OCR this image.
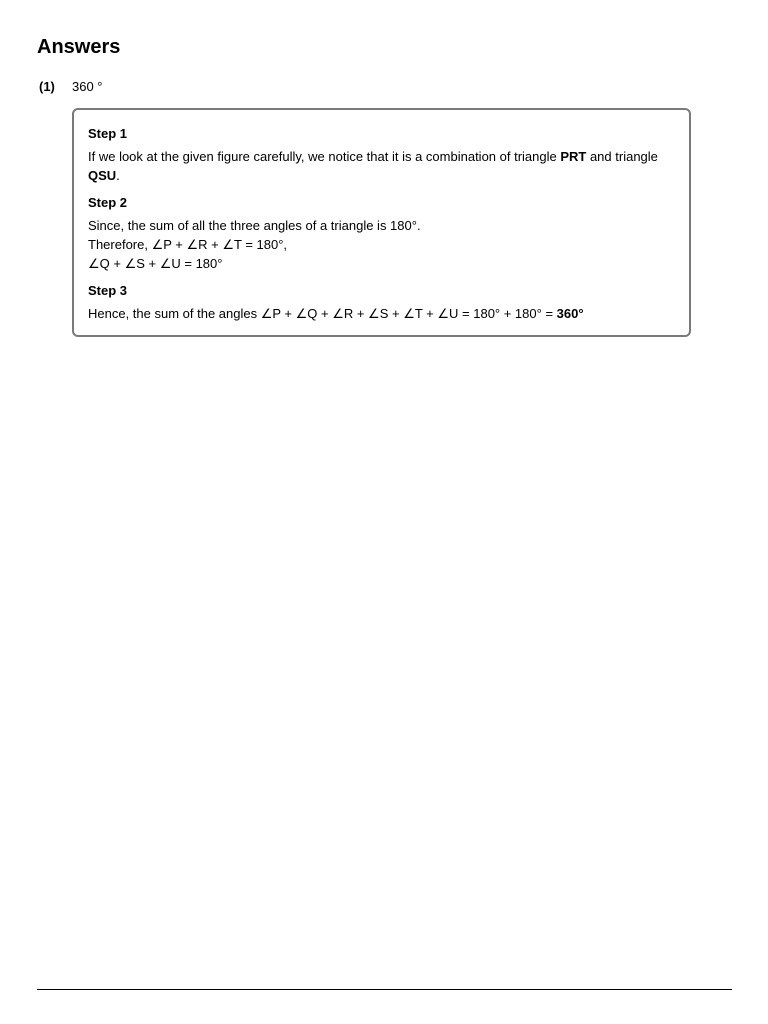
Answers
(1) 360 °
Step 1

If we look at the given figure carefully, we notice that it is a combination of triangle PRT and triangle QSU.

Step 2

Since, the sum of all the three angles of a triangle is 180°.

Therefore, ∠P + ∠R + ∠T = 180°,

∠Q + ∠S + ∠U = 180°

Step 3

Hence, the sum of the angles ∠P + ∠Q + ∠R + ∠S + ∠T + ∠U = 180° + 180° = 360°
